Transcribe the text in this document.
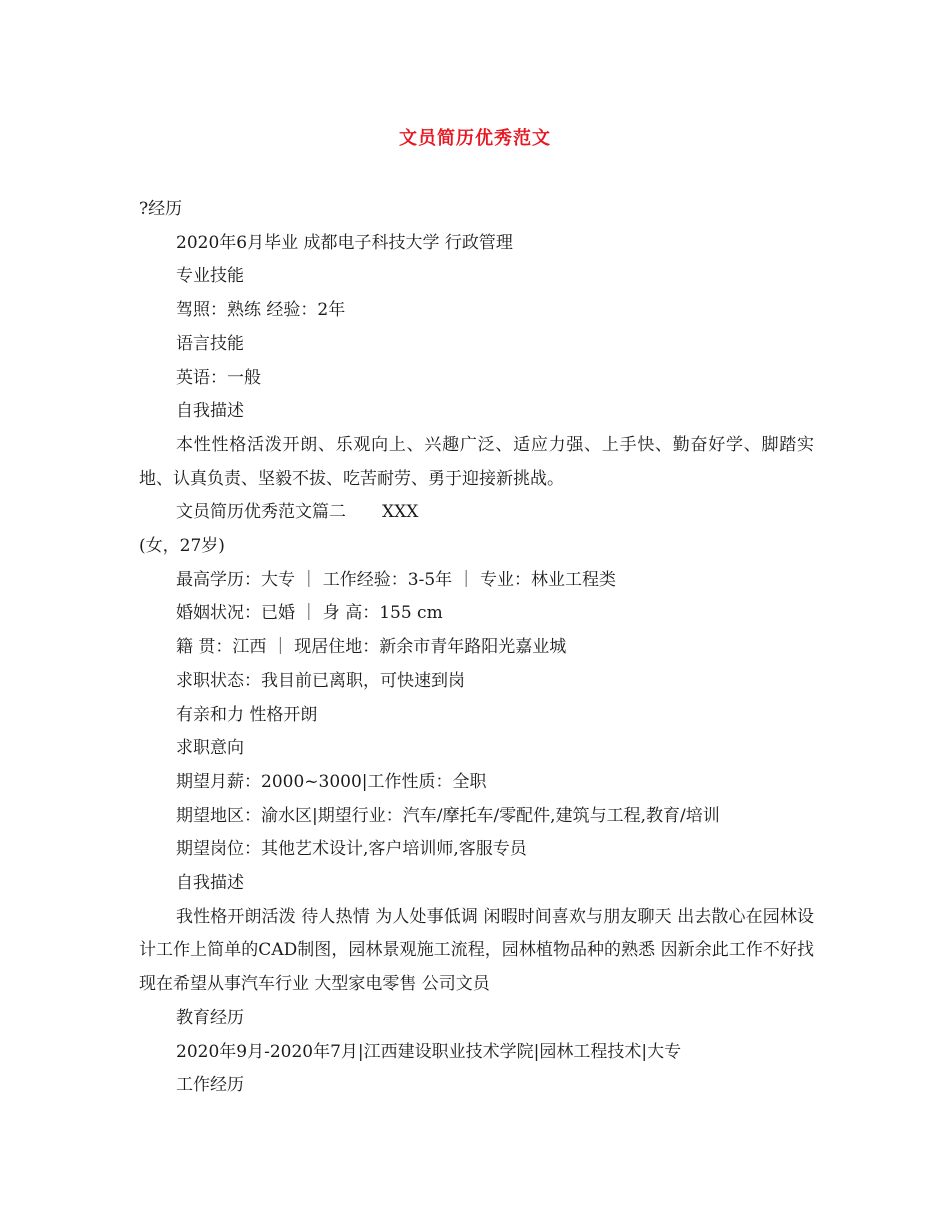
文员简历优秀范文
?经历
2020年6月毕业 成都电子科技大学 行政管理
专业技能
驾照：熟练 经验：2年
语言技能
英语：一般
自我描述
本性性格活泼开朗、乐观向上、兴趣广泛、适应力强、上手快、勤奋好学、脚踏实地、认真负责、坚毅不拔、吃苦耐劳、勇于迎接新挑战。
文员简历优秀范文篇二 XXX
(女，27岁)
最高学历：大专 ｜ 工作经验：3-5年 ｜ 专业：林业工程类
婚姻状况：已婚 ｜ 身 高：155 cm
籍 贯：江西 ｜ 现居住地：新余市青年路阳光嘉业城
求职状态：我目前已离职，可快速到岗
有亲和力 性格开朗
求职意向
期望月薪：2000~3000|工作性质：全职
期望地区：渝水区|期望行业：汽车/摩托车/零配件,建筑与工程,教育/培训
期望岗位：其他艺术设计,客户培训师,客服专员
自我描述
我性格开朗活泼 待人热情 为人处事低调 闲暇时间喜欢与朋友聊天 出去散心在园林设计工作上简单的CAD制图，园林景观施工流程，园林植物品种的熟悉 因新余此工作不好找 现在希望从事汽车行业 大型家电零售 公司文员
教育经历
2020年9月-2020年7月|江西建设职业技术学院|园林工程技术|大专
工作经历
